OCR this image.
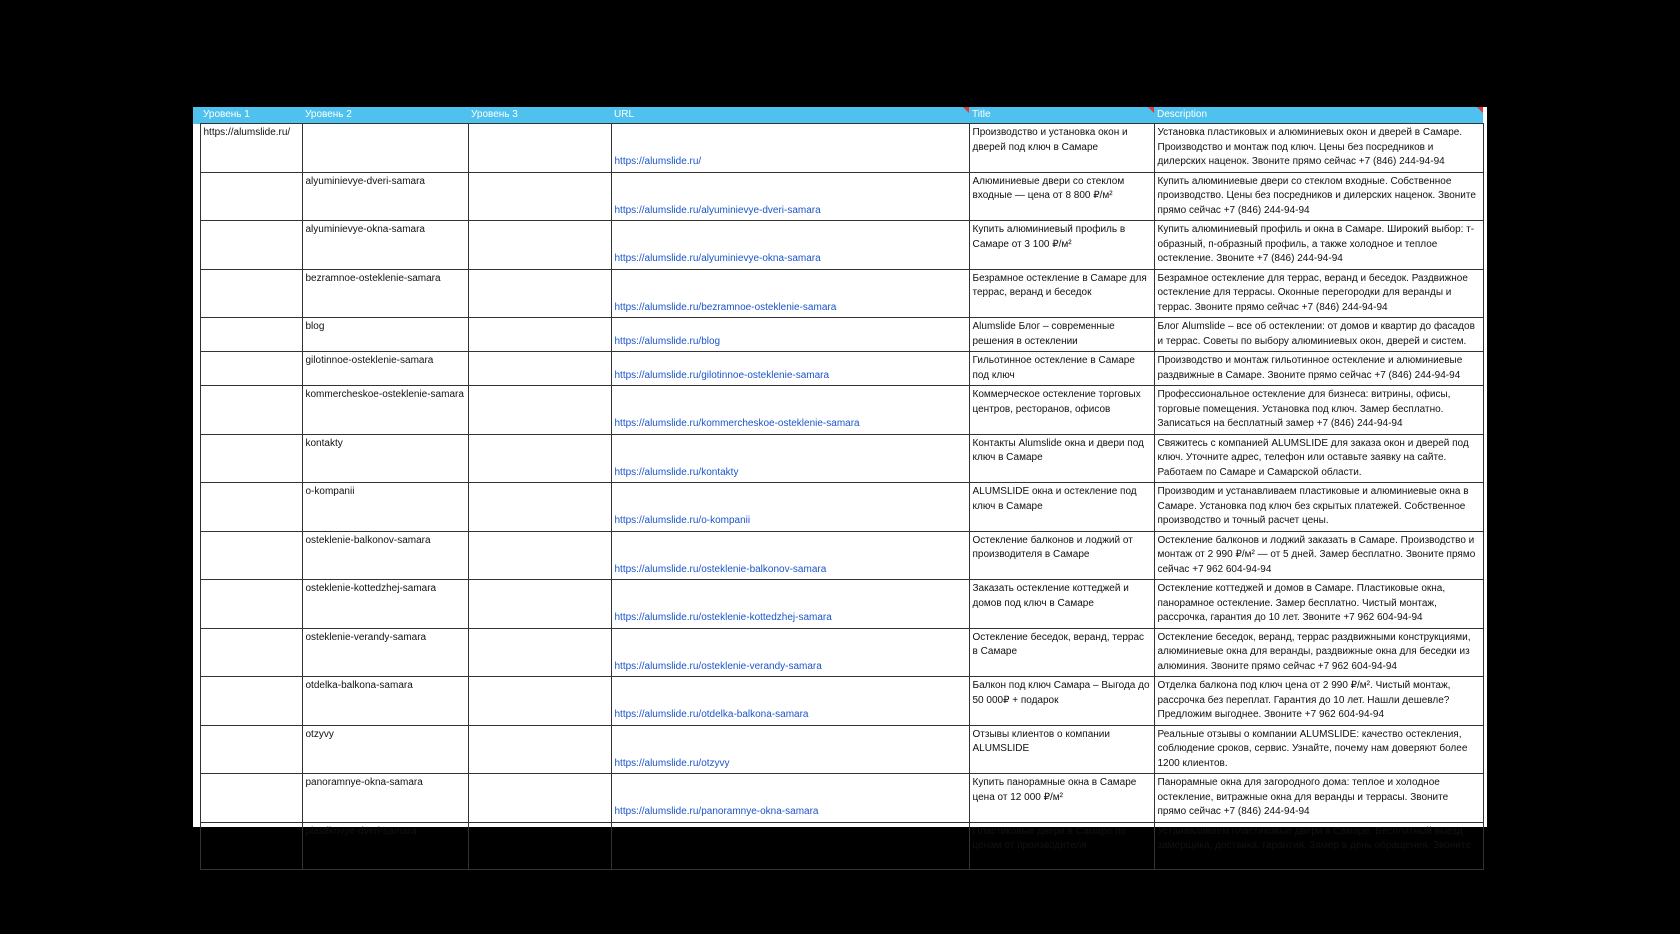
	Уровень 1	Уровень 2	Уровень 3	URL	Title	Description

	https://alumslide.ru/			https://alumslide.ru/	Производство и установка окон и дверей под ключ в Самаре	Установка пластиковых и алюминиевых окон и дверей в Самаре. Производство и монтаж под ключ. Цены без посредников и дилерских наценок. Звоните прямо сейчас +7 (846) 244-94-94
		alyuminievye-dveri-samara		https://alumslide.ru/alyuminievye-dveri-samara	Алюминиевые двери со стеклом входные — цена от 8 800 ₽/м²	Купить алюминиевые двери со стеклом входные. Собственное производство. Цены без посредников и дилерских наценок. Звоните прямо сейчас +7 (846) 244-94-94
		alyuminievye-okna-samara		https://alumslide.ru/alyuminievye-okna-samara	Купить алюминиевый профиль в Самаре от 3 100 ₽/м²	Купить алюминиевый профиль и окна в Самаре. Широкий выбор: т-образный, п-образный профиль, а также холодное и теплое остекление. Звоните +7 (846) 244-94-94
		bezramnoe-osteklenie-samara		https://alumslide.ru/bezramnoe-osteklenie-samara	Безрамное остекление в Самаре для террас, веранд и беседок	Безрамное остекление для террас, веранд и беседок. Раздвижное остекление для террасы. Оконные перегородки для веранды и террас. Звоните прямо сейчас +7 (846) 244-94-94
		blog		https://alumslide.ru/blog	Alumslide Блог – современные решения в остеклении	Блог Alumslide – все об остеклении: от домов и квартир до фасадов и террас. Советы по выбору алюминиевых окон, дверей и систем.
		gilotinnoe-osteklenie-samara		https://alumslide.ru/gilotinnoe-osteklenie-samara	Гильотинное остекление в Самаре под ключ	Производство и монтаж гильотинное остекление и алюминиевые раздвижные в Самаре. Звоните прямо сейчас +7 (846) 244-94-94
		kommercheskoe-osteklenie-samara		https://alumslide.ru/kommercheskoe-osteklenie-samara	Коммерческое остекление торговых центров, ресторанов, офисов	Профессиональное остекление для бизнеса: витрины, офисы, торговые помещения. Установка под ключ. Замер бесплатно. Записаться на бесплатный замер +7 (846) 244-94-94
		kontakty		https://alumslide.ru/kontakty	Контакты Alumslide окна и двери под ключ в Самаре	Свяжитесь с компанией ALUMSLIDE для заказа окон и дверей под ключ. Уточните адрес, телефон или оставьте заявку на сайте. Работаем по Самаре и Самарской области.
		o-kompanii		https://alumslide.ru/o-kompanii	ALUMSLIDE окна и остекление под ключ в Самаре	Производим и устанавливаем пластиковые и алюминиевые окна в Самаре. Установка под ключ без скрытых платежей. Собственное производство и точный расчет цены.
		osteklenie-balkonov-samara		https://alumslide.ru/osteklenie-balkonov-samara	Остекление балконов и лоджий от производителя в Самаре	Остекление балконов и лоджий заказать в Самаре. Производство и монтаж от 2 990 ₽/м² — от 5 дней. Замер бесплатно. Звоните прямо сейчас +7 962 604-94-94
		osteklenie-kottedzhej-samara		https://alumslide.ru/osteklenie-kottedzhej-samara	Заказать остекление коттеджей и домов под ключ в Самаре	Остекление коттеджей и домов в Самаре. Пластиковые окна, панорамное остекление. Замер бесплатно. Чистый монтаж, рассрочка, гарантия до 10 лет. Звоните +7 962 604-94-94
		osteklenie-verandy-samara		https://alumslide.ru/osteklenie-verandy-samara	Остекление беседок, веранд, террас в Самаре	Остекление беседок, веранд, террас раздвижными конструкциями, алюминиевые окна для веранды, раздвижные окна для беседки из алюминия. Звоните прямо сейчас +7 962 604-94-94
		otdelka-balkona-samara		https://alumslide.ru/otdelka-balkona-samara	Балкон под ключ Самара – Выгода до 50 000₽ + подарок	Отделка балкона под ключ цена от 2 990 ₽/м². Чистый монтаж, рассрочка без переплат. Гарантия до 10 лет. Нашли дешевле? Предложим выгоднее. Звоните +7 962 604-94-94
		otzyvy		https://alumslide.ru/otzyvy	Отзывы клиентов о компании ALUMSLIDE	Реальные отзывы о компании ALUMSLIDE: качество остекления, соблюдение сроков, сервис. Узнайте, почему нам доверяют более 1200 клиентов.
		panoramnye-okna-samara		https://alumslide.ru/panoramnye-okna-samara	Купить панорамные окна в Самаре цена от 12 000 ₽/м²	Панорамные окна для загородного дома: теплое и холодное остекление, витражные окна для веранды и террасы. Звоните прямо сейчас +7 (846) 244-94-94
		plastikovye-dveri-samara			Пластиковые двери в Самаре по ценам от производителя	Устанавливаем пластиковые двери в Самаре. Бесплатный выезд замерщика, доставка, гарантия. Замер в день обращения. Звоните
